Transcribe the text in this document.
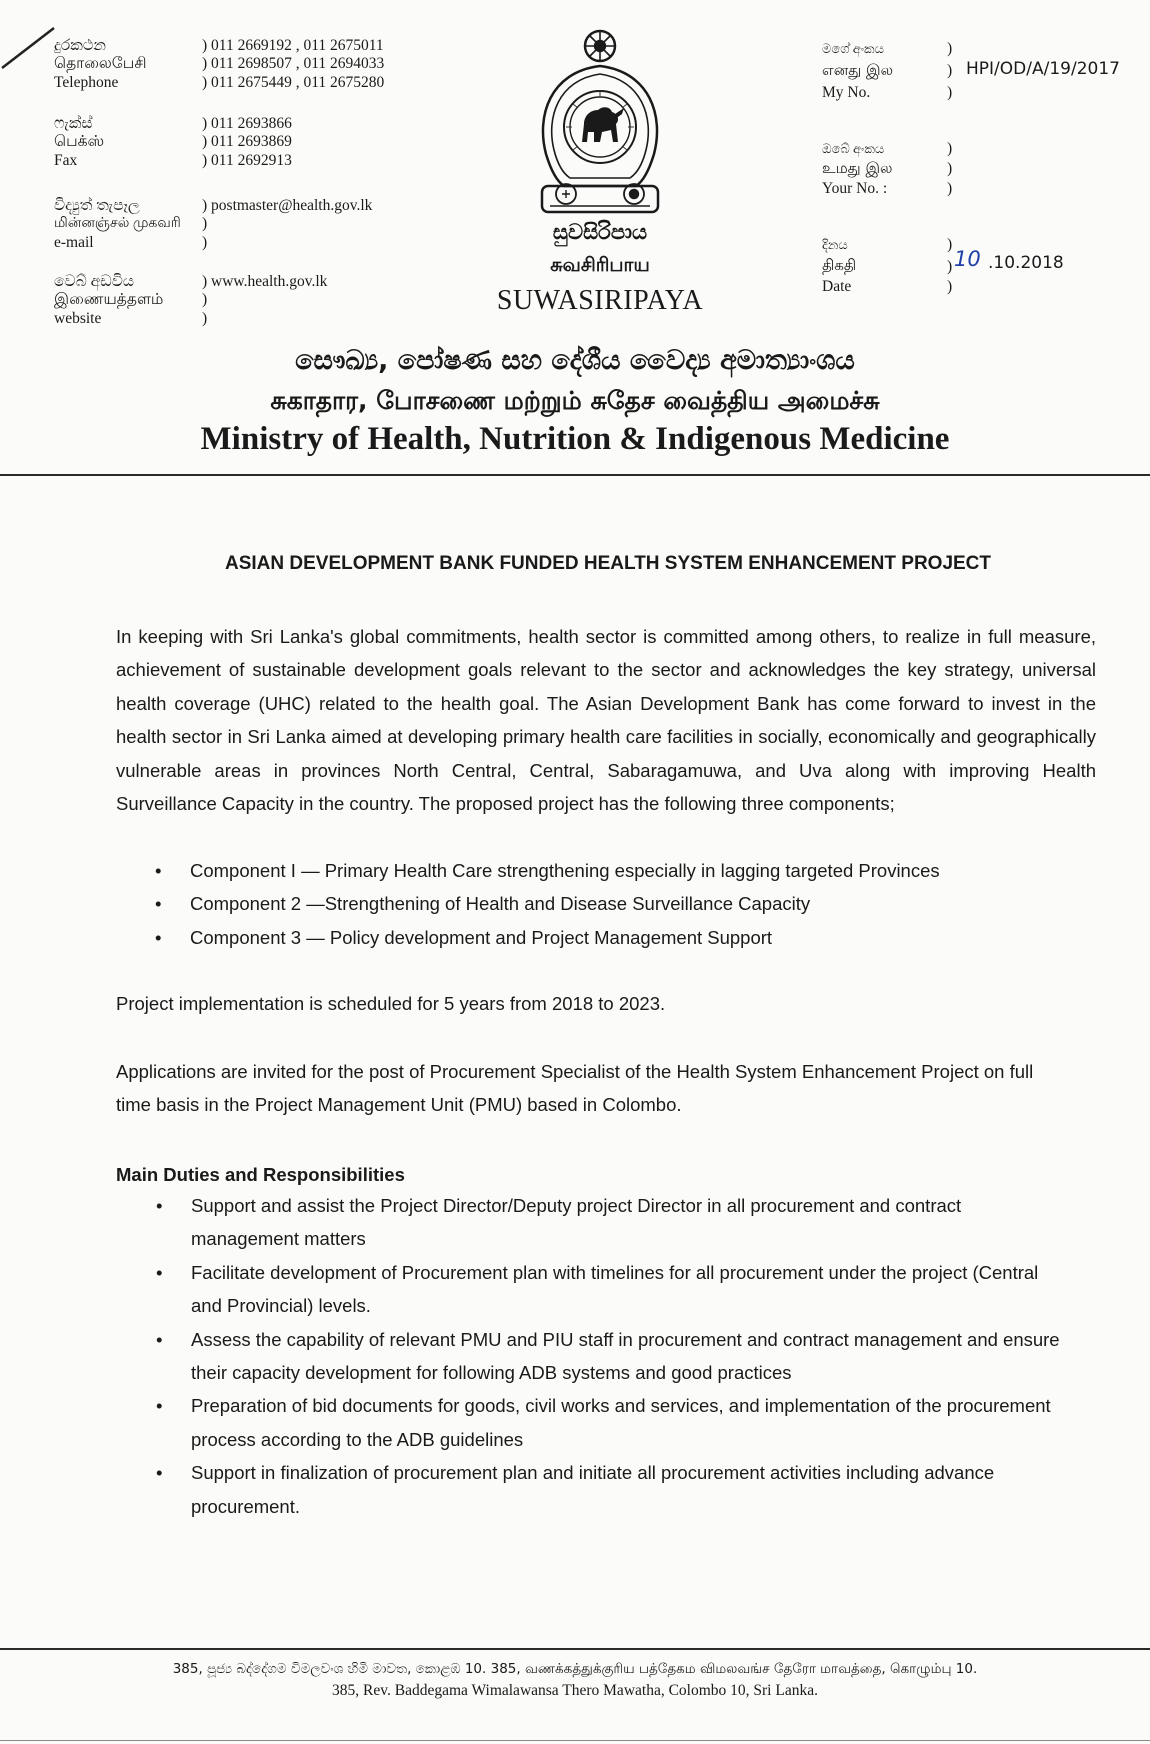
දුරකථන
தொலைபேசி
Telephone
) 011 2669192 , 011 2675011
) 011 2698507 , 011 2694033
) 011 2675449 , 011 2675280
ෆැක්ස්
பெக்ஸ்
Fax
) 011 2693866
) 011 2693869
) 011 2692913
විද්‍යුත් තැපෑල
மின்னஞ்சல் முகவரி
e-mail
) postmaster@health.gov.lk
)
)
වෙබ් අඩවිය
இணையத்தளம்
website
) www.health.gov.lk
)
)
සුවසිරිපාය
சுவசிரிபாய
SUWASIRIPAYA
මගේ අංකය
எனது இல
My No.
)
)
)
HPI/OD/A/19/2017
ඔබේ අංකය
உமது இல
Your No. :
)
)
)
දිනය
திகதி
Date
)
)
)
10 .10.2018
සෞඛ්‍ය, පෝෂණ සහ දේශීය වෛද්‍ය අමාත්‍යාංශය
சுகாதார, போசணை மற்றும் சுதேச வைத்திய அமைச்சு
Ministry of Health, Nutrition & Indigenous Medicine
ASIAN DEVELOPMENT BANK FUNDED HEALTH SYSTEM ENHANCEMENT PROJECT

In keeping with Sri Lanka's global commitments, health sector is committed among others, to realize in full measure, achievement of sustainable development goals relevant to the sector and acknowledges the key strategy, universal health coverage (UHC) related to the health goal. The Asian Development Bank has come forward to invest in the health sector in Sri Lanka aimed at developing primary health care facilities in socially, economically and geographically vulnerable areas in provinces North Central, Central, Sabaragamuwa, and Uva along with improving Health Surveillance Capacity in the country. The proposed project has the following three components;

• Component I — Primary Health Care strengthening especially in lagging targeted Provinces
• Component 2 —Strengthening of Health and Disease Surveillance Capacity
• Component 3 — Policy development and Project Management Support

Project implementation is scheduled for 5 years from 2018 to 2023.

Applications are invited for the post of Procurement Specialist of the Health System Enhancement Project on full time basis in the Project Management Unit (PMU) based in Colombo.

Main Duties and Responsibilities
• Support and assist the Project Director/Deputy project Director in all procurement and contract management matters
• Facilitate development of Procurement plan with timelines for all procurement under the project (Central and Provincial) levels.
• Assess the capability of relevant PMU and PIU staff in procurement and contract management and ensure their capacity development for following ADB systems and good practices
• Preparation of bid documents for goods, civil works and services, and implementation of the procurement process according to the ADB guidelines
• Support in finalization of procurement plan and initiate all procurement activities including advance procurement.
385, පූජ්‍ය බද්දේගම විමලවංශ හිමි මාවත, කොළඹ 10. 385, வணக்கத்துக்குரிய பத்தேகம விமலவங்ச தேரோ மாவத்தை, கொழும்பு 10.
385, Rev. Baddegama Wimalawansa Thero Mawatha, Colombo 10, Sri Lanka.
